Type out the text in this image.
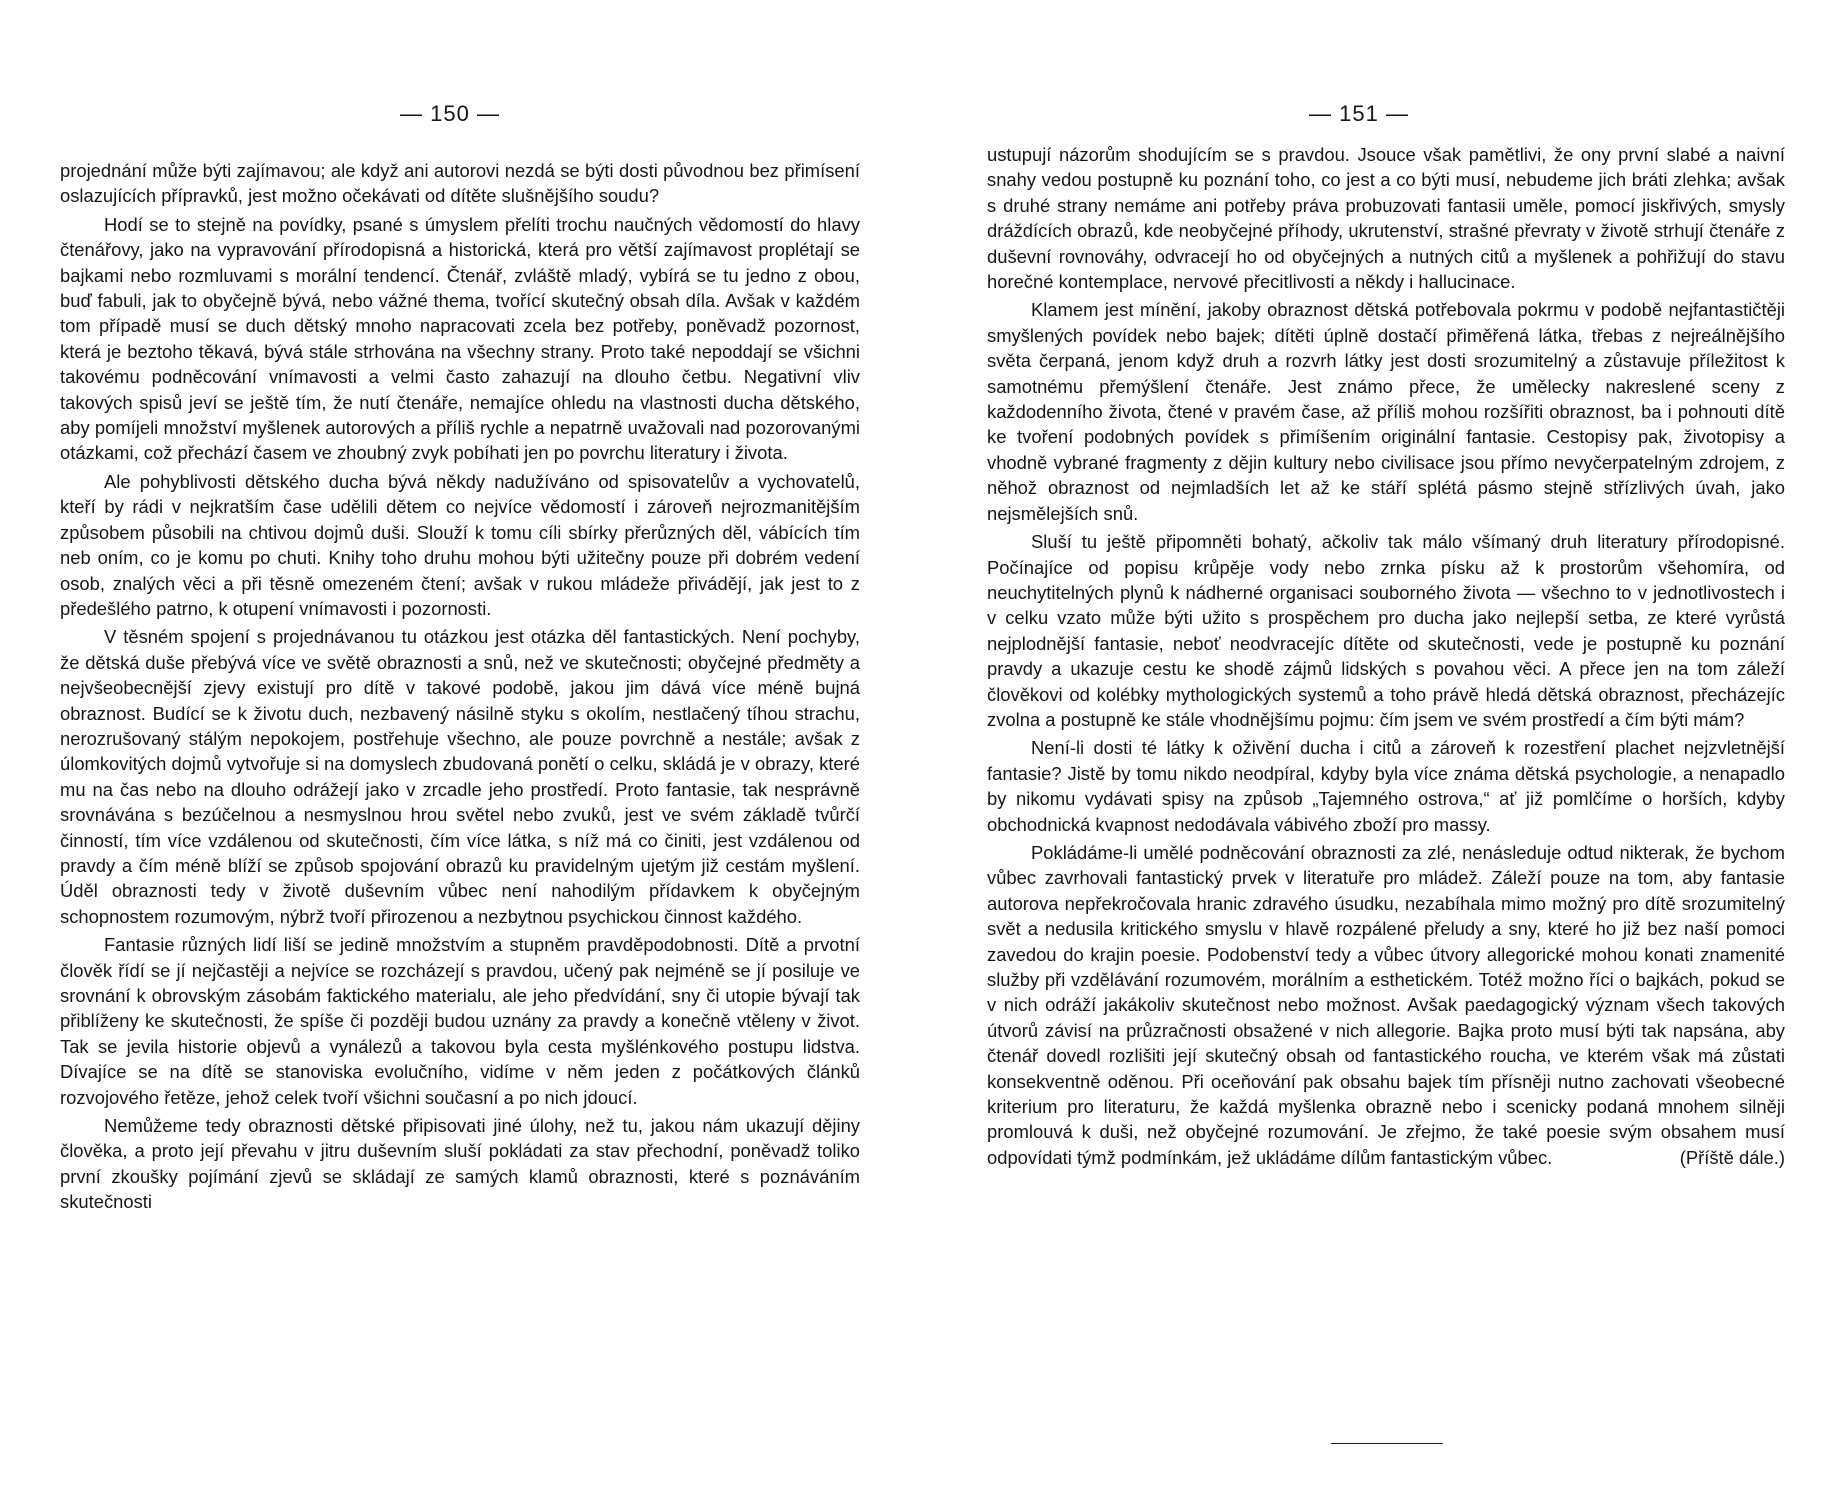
— 150 —

projednání může býti zajímavou; ale když ani autorovi nezdá se býti dosti původnou bez přimísení oslazujících přípravků, jest možno očekávati od dítěte slušnějšího soudu?

Hodí se to stejně na povídky, psané s úmyslem přelíti trochu naučných vědomostí do hlavy čtenářovy, jako na vypravování přírodopisná a historická, která pro větší zajímavost proplétají se bajkami nebo rozmluvami s morální tendencí. Čtenář, zvláště mladý, vybírá se tu jedno z obou, buď fabuli, jak to obyčejně bývá, nebo vážné thema, tvořící skutečný obsah díla. Avšak v každém tom případě musí se duch dětský mnoho napracovati zcela bez potřeby, poněvadž pozornost, která je beztoho těkavá, bývá stále strhována na všechny strany. Proto také nepoddají se všichni takovému podněcování vnímavosti a velmi často zahazují na dlouho četbu. Negativní vliv takových spisů jeví se ještě tím, že nutí čtenáře, nemajíce ohledu na vlastnosti ducha dětského, aby pomíjeli množství myšlenek autorových a příliš rychle a nepatrně uvažovali nad pozorovanými otázkami, což přechází časem ve zhoubný zvyk pobíhati jen po povrchu literatury i života.

Ale pohyblivosti dětského ducha bývá někdy nadužíváno od spisovatelův a vychovatelů, kteří by rádi v nejkratším čase udělili dětem co nejvíce vědomostí i zároveň nejrozmanitějším způsobem působili na chtivou dojmů duši. Slouží k tomu cíli sbírky přerůzných děl, vábících tím neb oním, co je komu po chuti. Knihy toho druhu mohou býti užitečny pouze při dobrém vedení osob, znalých věci a při těsně omezeném čtení; avšak v rukou mládeže přivádějí, jak jest to z předešlého patrno, k otupení vnímavosti i pozornosti.

V těsném spojení s projednávanou tu otázkou jest otázka děl fantastických. Není pochyby, že dětská duše přebývá více ve světě obraznosti a snů, než ve skutečnosti; obyčejné předměty a nejvšeobecnější zjevy existují pro dítě v takové podobě, jakou jim dává více méně bujná obraznost. Budící se k životu duch, nezbavený násilně styku s okolím, nestlačený tíhou strachu, nerozrušovaný stálým nepokojem, postřehuje všechno, ale pouze povrchně a nestále; avšak z úlomkovitých dojmů vytvořuje si na domyslech zbudovaná ponětí o celku, skládá je v obrazy, které mu na čas nebo na dlouho odrážejí jako v zrcadle jeho prostředí. Proto fantasie, tak nesprávně srovnávána s bezúčelnou a nesmyslnou hrou světel nebo zvuků, jest ve svém základě tvůrčí činností, tím více vzdálenou od skutečnosti, čím více látka, s níž má co činiti, jest vzdálenou od pravdy a čím méně blíží se způsob spojování obrazů ku pravidelným ujetým již cestám myšlení. Úděl obraznosti tedy v životě duševním vůbec není nahodilým přídavkem k obyčejným schopnostem rozumovým, nýbrž tvoří přirozenou a nezbytnou psychickou činnost každého.

Fantasie různých lidí liší se jedině množstvím a stupněm pravděpodobnosti. Dítě a prvotní člověk řídí se jí nejčastěji a nejvíce se rozcházejí s pravdou, učený pak nejméně se jí posiluje ve srovnání k obrovským zásobám faktického materialu, ale jeho předvídání, sny či utopie bývají tak přiblíženy ke skutečnosti, že spíše či později budou uznány za pravdy a konečně vtěleny v život. Tak se jevila historie objevů a vynálezů a takovou byla cesta myšlénkového postupu lidstva. Dívajíce se na dítě se stanoviska evolučního, vidíme v něm jeden z počátkových článků rozvojového řetěze, jehož celek tvoří všichni současní a po nich jdoucí.

Nemůžeme tedy obraznosti dětské připisovati jiné úlohy, než tu, jakou nám ukazují dějiny člověka, a proto její převahu v jitru duševním sluší pokládati za stav přechodní, poněvadž toliko první zkoušky pojímání zjevů se skládají ze samých klamů obraznosti, které s poznáváním skutečnosti

— 151 —

ustupují názorům shodujícím se s pravdou. Jsouce však pamětlivi, že ony první slabé a naivní snahy vedou postupně ku poznání toho, co jest a co býti musí, nebudeme jich bráti zlehka; avšak s druhé strany nemáme ani potřeby práva probuzovati fantasii uměle, pomocí jiskřivých, smysly dráždících obrazů, kde neobyčejné příhody, ukrutenství, strašné převraty v životě strhují čtenáře z duševní rovnováhy, odvracejí ho od obyčejných a nutných citů a myšlenek a pohřižují do stavu horečné kontemplace, nervové přecitlivosti a někdy i hallucinace.

Klamem jest mínění, jakoby obraznost dětská potřebovala pokrmu v podobě nejfantastičtěji smyšlených povídek nebo bajek; dítěti úplně dostačí přiměřená látka, třebas z nejreálnějšího světa čerpaná, jenom když druh a rozvrh látky jest dosti srozumitelný a zůstavuje příležitost k samotnému přemýšlení čtenáře. Jest známo přece, že umělecky nakreslené sceny z každodenního života, čtené v pravém čase, až příliš mohou rozšířiti obraznost, ba i pohnouti dítě ke tvoření podobných povídek s přimíšením originální fantasie. Cestopisy pak, životopisy a vhodně vybrané fragmenty z dějin kultury nebo civilisace jsou přímo nevyčerpatelným zdrojem, z něhož obraznost od nejmladších let až ke stáří splétá pásmo stejně střízlivých úvah, jako nejsmělejších snů.

Sluší tu ještě připomněti bohatý, ačkoliv tak málo všímaný druh literatury přírodopisné. Počínajíce od popisu krůpěje vody nebo zrnka písku až k prostorům všehomíra, od neuchytitelných plynů k nádherné organisaci souborného života — všechno to v jednotlivostech i v celku vzato může býti užito s prospěchem pro ducha jako nejlepší setba, ze které vyrůstá nejplodnější fantasie, neboť neodvracejíc dítěte od skutečnosti, vede je postupně ku poznání pravdy a ukazuje cestu ke shodě zájmů lidských s povahou věci. A přece jen na tom záleží člověkovi od kolébky mythologických systemů a toho právě hledá dětská obraznost, přecházejíc zvolna a postupně ke stále vhodnějšímu pojmu: čím jsem ve svém prostředí a čím býti mám?

Není-li dosti té látky k oživění ducha i citů a zároveň k rozestření plachet nejzvletnější fantasie? Jistě by tomu nikdo neodpíral, kdyby byla více známa dětská psychologie, a nenapadlo by nikomu vydávati spisy na způsob „Tajemného ostrova,“ ať již pomlčíme o horších, kdyby obchodnická kvapnost nedodávala vábivého zboží pro massy.

Pokládáme-li umělé podněcování obraznosti za zlé, nenásleduje odtud nikterak, že bychom vůbec zavrhovali fantastický prvek v literatuře pro mládež. Záleží pouze na tom, aby fantasie autorova nepřekročovala hranic zdravého úsudku, nezabíhala mimo možný pro dítě srozumitelný svět a nedusila kritického smyslu v hlavě rozpálené přeludy a sny, které ho již bez naší pomoci zavedou do krajin poesie. Podobenství tedy a vůbec útvory allegorické mohou konati znamenité služby při vzdělávání rozumovém, morálním a esthetickém. Totéž možno říci o bajkách, pokud se v nich odráží jakákoliv skutečnost nebo možnost. Avšak paedagogický význam všech takových útvorů závisí na průzračnosti obsažené v nich allegorie. Bajka proto musí býti tak napsána, aby čtenář dovedl rozlišiti její skutečný obsah od fantastického roucha, ve kterém však má zůstati konsekventně oděnou. Při oceňování pak obsahu bajek tím přísněji nutno zachovati všeobecné kriterium pro literaturu, že každá myšlenka obrazně nebo i scenicky podaná mnohem silněji promlouvá k duši, než obyčejné rozumování. Je zřejmo, že také poesie svým obsahem musí odpovídati týmž podmínkám, jež ukládáme dílům fantastickým vůbec.	(Příště dále.)
